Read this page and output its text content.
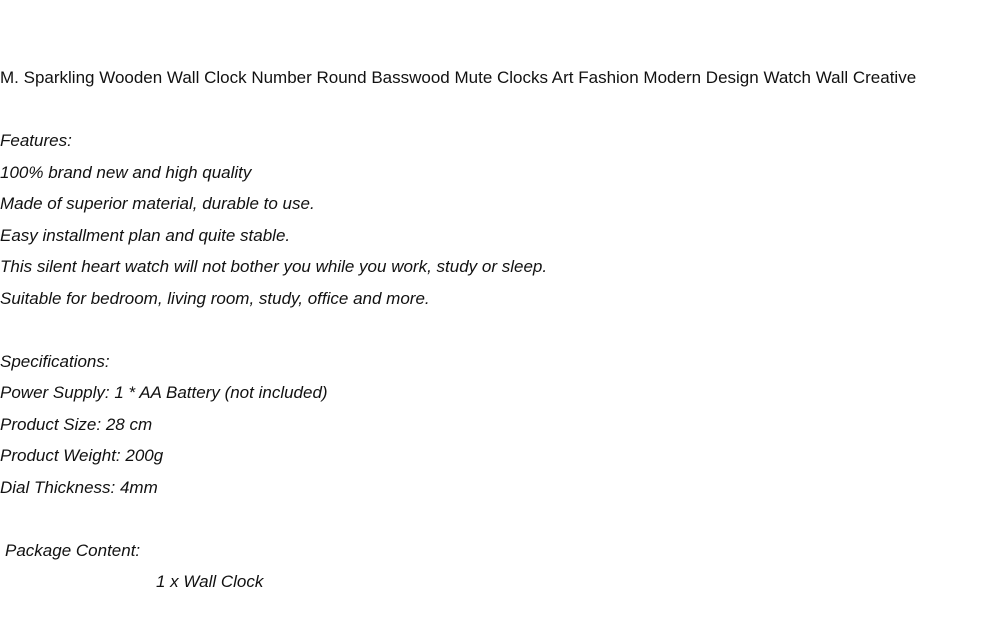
M. Sparkling Wooden Wall Clock Number Round Basswood Mute Clocks Art Fashion Modern Design Watch Wall Creative
Features:
100% brand new and high quality
Made of superior material, durable to use.
Easy installment plan and quite stable.
This silent heart watch will not bother you while you work, study or sleep.
Suitable for bedroom, living room, study, office and more.
Specifications:
Power Supply: 1 * AA Battery (not included)
Product Size: 28 cm
Product Weight: 200g
Dial Thickness: 4mm
Package Content:
1 x Wall Clock
